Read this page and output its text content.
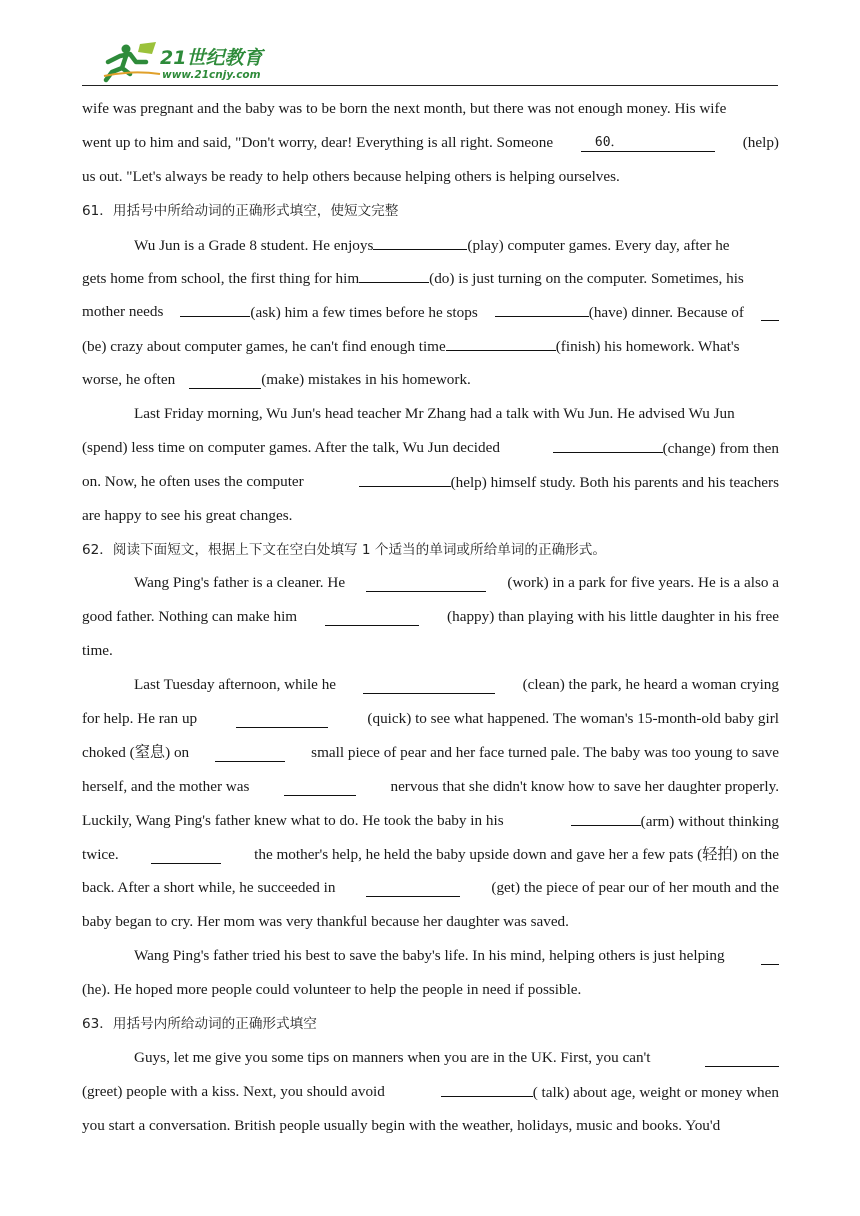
21世纪教育
www.21cnjy.com
wife was pregnant and the baby was to be born the next month, but there was not enough money. His wife
went up to him and said, "Don't worry, dear! Everything is all right. Someone	60．	(help)
us out. "Let's always be ready to help others because helping others is helping ourselves.
61．用括号中所给动词的正确形式填空，使短文完整
Wu Jun is a Grade 8 student. He enjoys	(play) computer games. Every day, after he
gets home from school, the first thing for him	(do) is just turning on the computer. Sometimes, his
mother needs	(ask) him a few times before he stops	(have) dinner. Because of
(be) crazy about computer games, he can't find enough time	(finish) his homework. What's
worse, he often	(make) mistakes in his homework.
Last Friday morning, Wu Jun's head teacher Mr Zhang had a talk with Wu Jun. He advised Wu Jun
(spend) less time on computer games. After the talk, Wu Jun decided	(change) from then
on. Now, he often uses the computer	(help) himself study. Both his parents and his teachers
are happy to see his great changes.
62．阅读下面短文，根据上下文在空白处填写 1 个适当的单词或所给单词的正确形式。
Wang Ping's father is a cleaner. He	(work) in a park for five years. He is a also a
good father. Nothing can make him	(happy) than playing with his little daughter in his free
time.
Last Tuesday afternoon, while he	(clean) the park, he heard a woman crying
for help. He ran up	(quick) to see what happened. The woman's 15-month-old baby girl
choked (窒息) on	small piece of pear and her face turned pale. The baby was too young to save
herself, and the mother was	nervous that she didn't know how to save her daughter properly.
Luckily, Wang Ping's father knew what to do. He took the baby in his	(arm) without thinking
twice.	the mother's help, he held the baby upside down and gave her a few pats (轻拍) on the
back. After a short while, he succeeded in	(get) the piece of pear our of her mouth and the
baby began to cry. Her mom was very thankful because her daughter was saved.
Wang Ping's father tried his best to save the baby's life. In his mind, helping others is just helping
(he). He hoped more people could volunteer to help the people in need if possible.
63．用括号内所给动词的正确形式填空
Guys, let me give you some tips on manners when you are in the UK. First, you can't
(greet) people with a kiss. Next, you should avoid	( talk) about age, weight or money when
you start a conversation. British people usually begin with the weather, holidays, music and books. You'd
